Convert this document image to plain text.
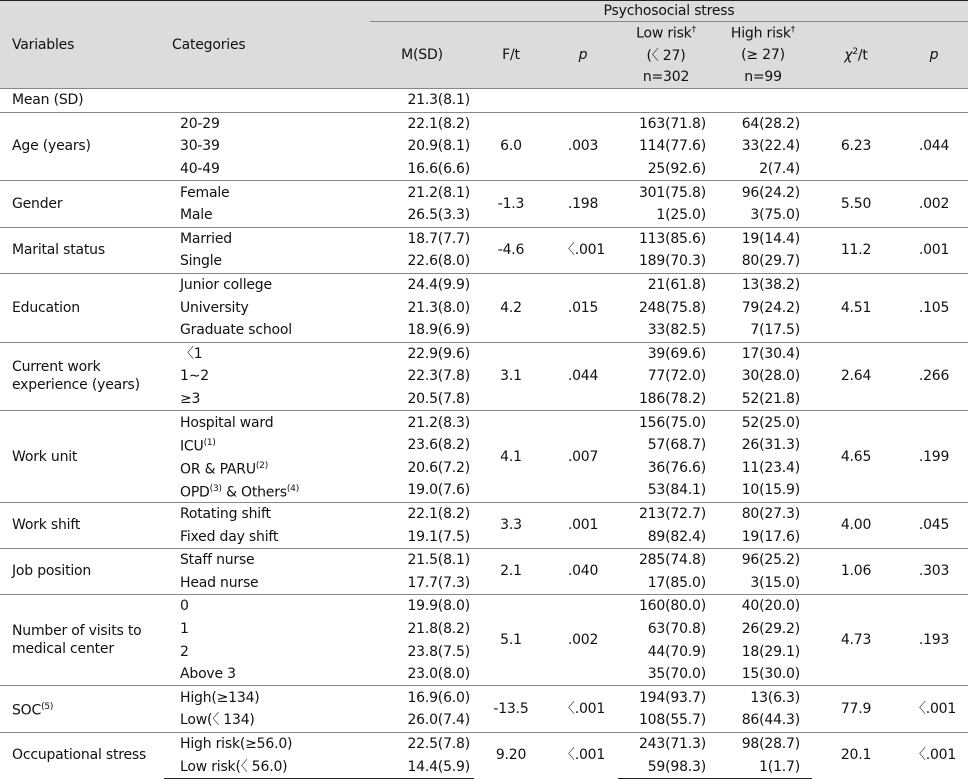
Variables	Categories	Psychosocial stress						
		M(SD)	F/t	p	Low risk†	High risk†	$\chi^2/t$	p
					(〈 27)	(≥ 27)		
					n=302	n=99		
Mean (SD)		21.3(8.1)						
Age (years)	20-29	22.1(8.2)	6.0	.003	163(71.8)	64(28.2)	6.23	.044
	30-39	20.9(8.1)			114(77.6)	33(22.4)		
	40-49	16.6(6.6)			25(92.6)	2(7.4)		
Gender	Female	21.2(8.1)	-1.3	.198	301(75.8)	96(24.2)	5.50	.002
	Male	26.5(3.3)			1(25.0)	3(75.0)		
Marital status	Married	18.7(7.7)	-4.6	〈.001	113(85.6)	19(14.4)	11.2	.001
	Single	22.6(8.0)			189(70.3)	80(29.7)		
Education	Junior college	24.4(9.9)	4.2	.015	21(61.8)	13(38.2)	4.51	.105
	University	21.3(8.0)			248(75.8)	79(24.2)		
	Graduate school	18.9(6.9)			33(82.5)	7(17.5)		
Current work experience (years)	〈1	22.9(9.6)	3.1	.044	39(69.6)	17(30.4)	2.64	.266
	1∼2	22.3(7.8)			77(72.0)	30(28.0)		
	≥3	20.5(7.8)			186(78.2)	52(21.8)		
Work unit	Hospital ward	21.2(8.3)	4.1	.007	156(75.0)	52(25.0)	4.65	.199
	ICU$^{(1)}$	23.6(8.2)			57(68.7)	26(31.3)		
	OR & PARU$^{(2)}$	20.6(7.2)			36(76.6)	11(23.4)		
	OPD$^{(3)}$ & Others$^{(4)}$	19.0(7.6)			53(84.1)	10(15.9)		
Work shift	Rotating shift	22.1(8.2)	3.3	.001	213(72.7)	80(27.3)	4.00	.045
	Fixed day shift	19.1(7.5)			89(82.4)	19(17.6)		
Job position	Staff nurse	21.5(8.1)	2.1	.040	285(74.8)	96(25.2)	1.06	.303
	Head nurse	17.7(7.3)			17(85.0)	3(15.0)		
Number of visits to medical center	0	19.9(8.0)	5.1	.002	160(80.0)	40(20.0)	4.73	.193
	1	21.8(8.2)			63(70.8)	26(29.2)		
	2	23.8(7.5)			44(70.9)	18(29.1)		
	Above 3	23.0(8.0)			35(70.0)	15(30.0)		
SOC$^{(5)}$	High(≥134)	16.9(6.0)	-13.5	〈.001	194(93.7)	13(6.3)	77.9	〈.001
	Low(〈 134)	26.0(7.4)			108(55.7)	86(44.3)		
Occupational stress	High risk(≥56.0)	22.5(7.8)	9.20	〈.001	243(71.3)	98(28.7)	20.1	〈.001
	Low risk(〈 56.0)	14.4(5.9)			59(98.3)	1(1.7)		
